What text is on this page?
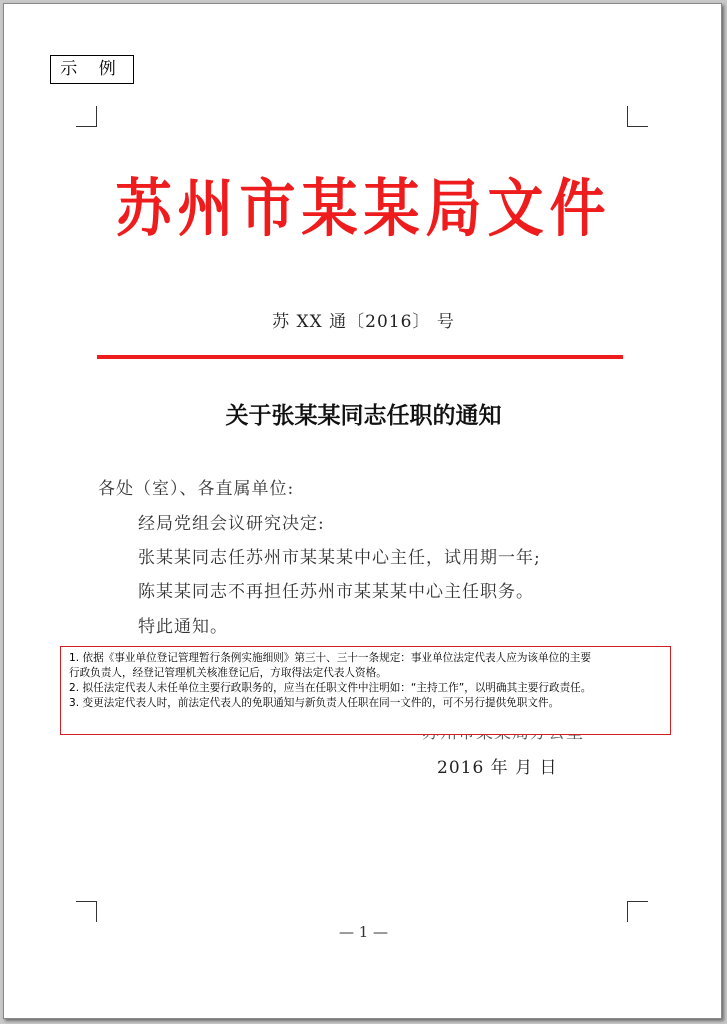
示 例
苏州市某某局文件
苏 XX 通〔2016〕 号
关于张某某同志任职的通知
各处（室）、各直属单位:
经局党组会议研究决定:
张某某同志任苏州市某某某中心主任，试用期一年;
陈某某同志不再担任苏州市某某某中心主任职务。
特此通知。
2016 年 月 日

1. 依据《事业单位登记管理暂行条例实施细则》第三十、三十一条规定：事业单位法定代表人应为该单位的主要

行政负责人，经登记管理机关核准登记后，方取得法定代表人资格。

2. 拟任法定代表人未任单位主要行政职务的，应当在任职文件中注明如：“主持工作”，以明确其主要行政责任。

3. 变更法定代表人时，前法定代表人的免职通知与新负责人任职在同一文件的，可不另行提供免职文件。

— 1 —
